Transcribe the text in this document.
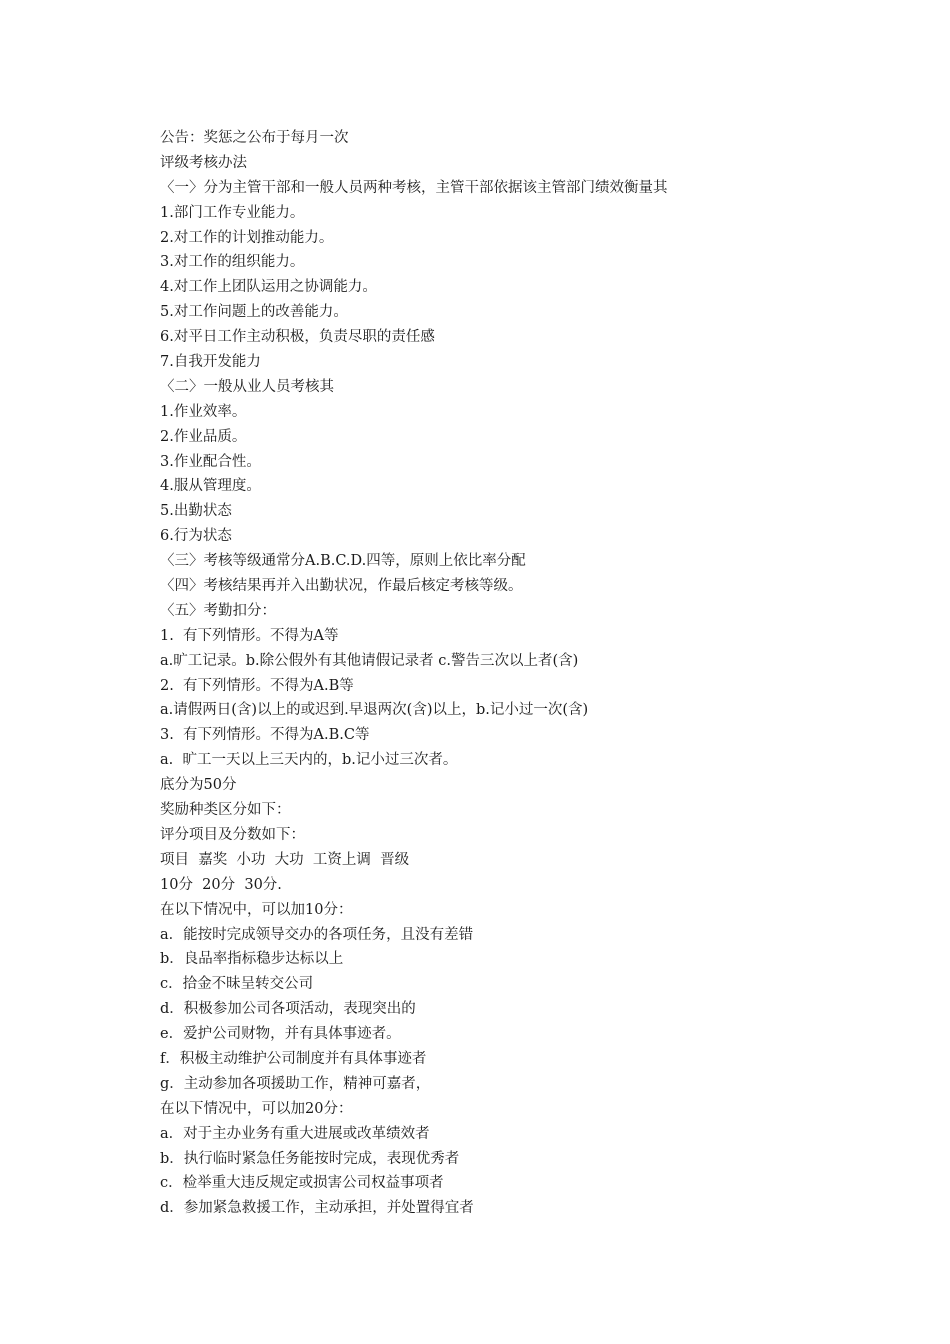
公告：奖惩之公布于每月一次
评级考核办法
〈一〉分为主管干部和一般人员两种考核，主管干部依据该主管部门绩效衡量其
1.部门工作专业能力。
2.对工作的计划推动能力。
3.对工作的组织能力。
4.对工作上团队运用之协调能力。
5.对工作问题上的改善能力。
6.对平日工作主动积极，负责尽职的责任感
7.自我开发能力
〈二〉一般从业人员考核其
1.作业效率。
2.作业品质。
3.作业配合性。
4.服从管理度。
5.出勤状态
6.行为状态
〈三〉考核等级通常分A.B.C.D.四等，原则上依比率分配
〈四〉考核结果再并入出勤状况，作最后核定考核等级。
〈五〉考勤扣分：
1.  有下列情形。不得为A等
a.旷工记录。b.除公假外有其他请假记录者 c.警告三次以上者(含)
2.  有下列情形。不得为A.B等
a.请假两日(含)以上的或迟到.早退两次(含)以上，b.记小过一次(含)
3.  有下列情形。不得为A.B.C等
a.  旷工一天以上三天内的，b.记小过三次者。
底分为50分
奖励种类区分如下：
评分项目及分数如下：
项目  嘉奖  小功  大功  工资上调  晋级
10分  20分  30分.
在以下情况中，可以加10分：
a．能按时完成领导交办的各项任务，且没有差错
b．良品率指标稳步达标以上
c．拾金不昧呈转交公司
d．积极参加公司各项活动，表现突出的
e．爱护公司财物，并有具体事迹者。
f．积极主动维护公司制度并有具体事迹者
g．主动参加各项援助工作，精神可嘉者，
在以下情况中，可以加20分：
a．对于主办业务有重大进展或改革绩效者
b．执行临时紧急任务能按时完成，表现优秀者
c．检举重大违反规定或损害公司权益事项者
d．参加紧急救援工作，主动承担，并处置得宜者
